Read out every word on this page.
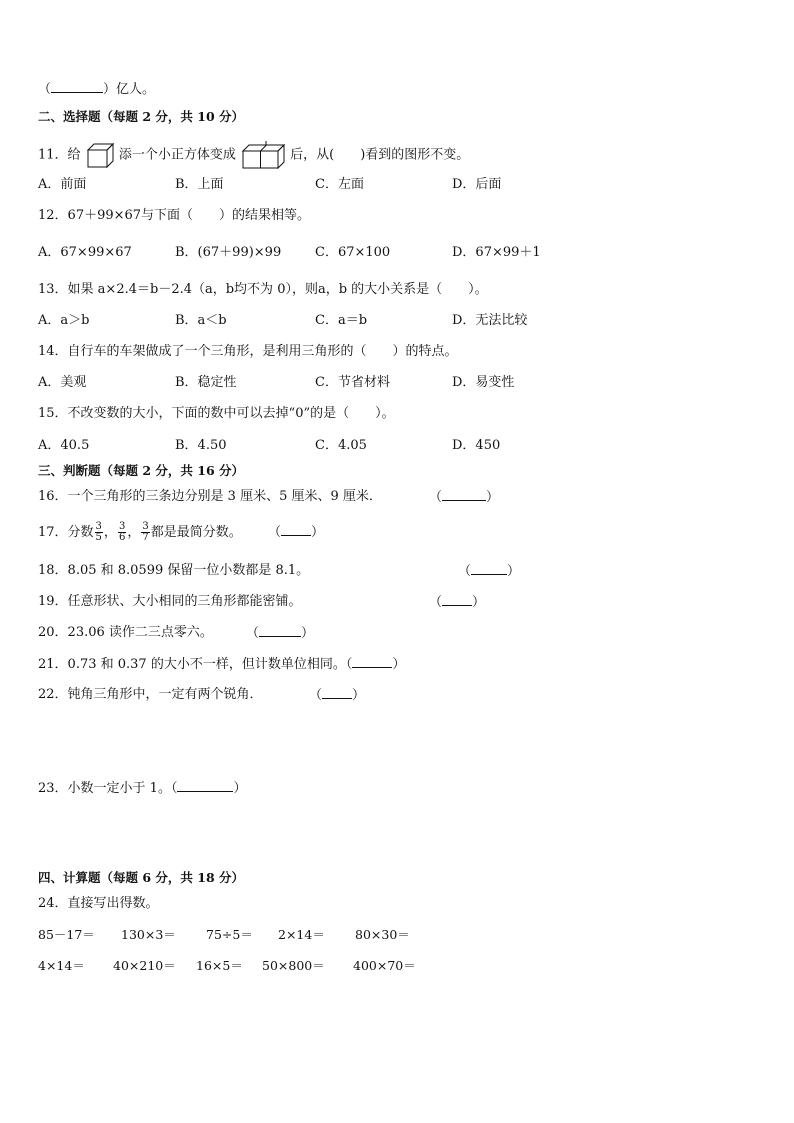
（	）亿人。
二、选择题（每题 2 分，共 10 分）
11．给	添一个小正方体变成	后，从(　　)看到的图形不变。
A．前面	B．上面	C．左面	D．后面
12．67＋99×67与下面（　　）的结果相等。
A．67×99×67	B．(67＋99)×99	C．67×100	D．67×99＋1
13．如果 a×2.4＝b－2.4（a，b均不为 0），则a，b 的大小关系是（　　）。
A．a＞b	B．a＜b	C．a＝b	D．无法比较
14．自行车的车架做成了一个三角形，是利用三角形的（　　）的特点。
A．美观	B．稳定性	C．节省材料	D．易变性
15．不改变数的大小，下面的数中可以去掉“0”的是（　　）。
A．40.5	B．4.50	C．4.05	D．450
三、判断题（每题 2 分，共 16 分）
16．一个三角形的三条边分别是 3 厘米、5 厘米、9 厘米．	（	）
17．分数 $\frac{3}{5}$ ， $\frac{3}{6}$ ， $\frac{3}{7}$ 都是最简分数。 （ ）
18．8.05 和 8.0599 保留一位小数都是 8.1。	（	）
19．任意形状、大小相同的三角形都能密铺。	（ ）
20．23.06 读作二三点零六。	（	）
21．0.73 和 0.37 的大小不一样，但计数单位相同。（	）
22．钝角三角形中，一定有两个锐角．	（ ）
23．小数一定小于 1。（	）
四、计算题（每题 6 分，共 18 分）
24．直接写出得数。
85－17＝ 130×3＝ 75÷5＝ 2×14＝ 80×30＝
4×14＝ 40×210＝ 16×5＝ 50×800＝ 400×70＝
